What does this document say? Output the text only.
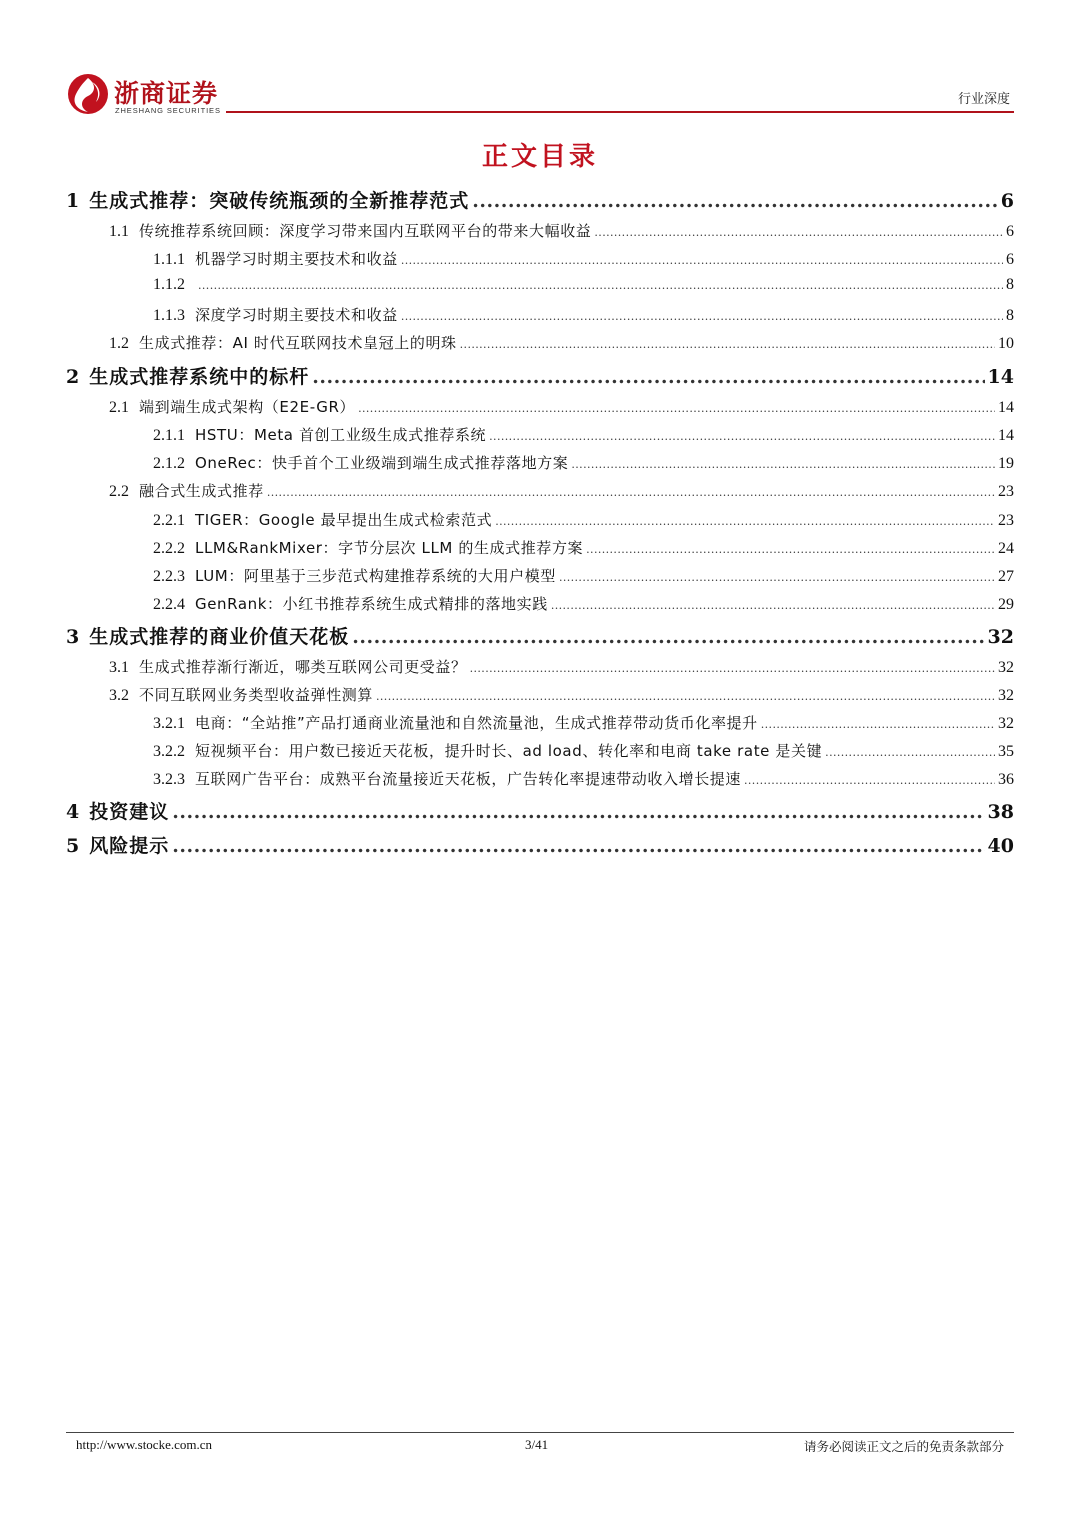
浙商证券
ZHESHANG SECURITIES
行业深度
正文目录
1 生成式推荐：突破传统瓶颈的全新推荐范式 .....	6
1.1 传统推荐系统回顾：深度学习带来国内互联网平台的带来大幅收益 .....	6
1.1.1 机器学习时期主要技术和收益 .....	6
1.1.2 .....	8
1.1.3 深度学习时期主要技术和收益 .....	8
1.2 生成式推荐：AI 时代互联网技术皇冠上的明珠 .....	10
2 生成式推荐系统中的标杆 .....	14
2.1 端到端生成式架构（E2E-GR） .....	14
2.1.1 HSTU：Meta 首创工业级生成式推荐系统 .....	14
2.1.2 OneRec：快手首个工业级端到端生成式推荐落地方案 .....	19
2.2 融合式生成式推荐 .....	23
2.2.1 TIGER：Google 最早提出生成式检索范式 .....	23
2.2.2 LLM&RankMixer：字节分层次 LLM 的生成式推荐方案 .....	24
2.2.3 LUM：阿里基于三步范式构建推荐系统的大用户模型 .....	27
2.2.4 GenRank：小红书推荐系统生成式精排的落地实践 .....	29
3 生成式推荐的商业价值天花板 .....	32
3.1 生成式推荐渐行渐近，哪类互联网公司更受益？ .....	32
3.2 不同互联网业务类型收益弹性测算 .....	32
3.2.1 电商：“全站推”产品打通商业流量池和自然流量池，生成式推荐带动货币化率提升 .....	32
3.2.2 短视频平台：用户数已接近天花板，提升时长、ad load、转化率和电商 take rate 是关键 .....	35
3.2.3 互联网广告平台：成熟平台流量接近天花板，广告转化率提速带动收入增长提速 .....	36
4 投资建议 .....	38
5 风险提示 .....	40
http://www.stocke.com.cn	3/41	请务必阅读正文之后的免责条款部分
